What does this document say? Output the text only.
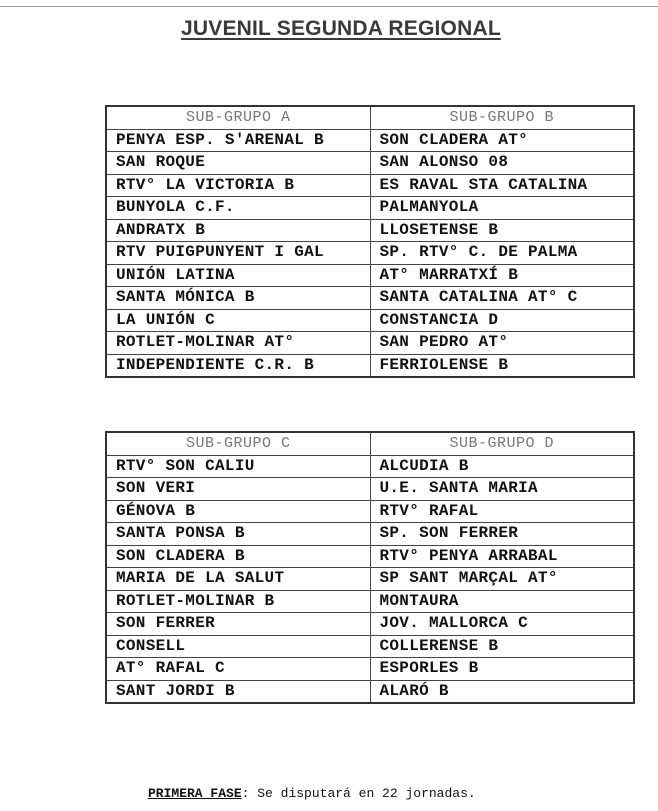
JUVENIL SEGUNDA REGIONAL
SUB-GRUPO A	SUB-GRUPO B
PENYA ESP. S'ARENAL B	SON CLADERA AT°
SAN ROQUE	SAN ALONSO 08
RTV° LA VICTORIA B	ES RAVAL STA CATALINA
BUNYOLA C.F.	PALMANYOLA
ANDRATX B	LLOSETENSE B
RTV PUIGPUNYENT I GAL	SP. RTV° C. DE PALMA
UNIÓN LATINA	AT° MARRATXÍ B
SANTA MÓNICA B	SANTA CATALINA AT° C
LA UNIÓN C	CONSTANCIA D
ROTLET-MOLINAR AT°	SAN PEDRO AT°
INDEPENDIENTE C.R. B	FERRIOLENSE B
SUB-GRUPO C	SUB-GRUPO D
RTV° SON CALIU	ALCUDIA B
SON VERI	U.E. SANTA MARIA
GÉNOVA B	RTV° RAFAL
SANTA PONSA B	SP. SON FERRER
SON CLADERA B	RTV° PENYA ARRABAL
MARIA DE LA SALUT	SP SANT MARÇAL AT°
ROTLET-MOLINAR B	MONTAURA
SON FERRER	JOV. MALLORCA C
CONSELL	COLLERENSE B
AT° RAFAL C	ESPORLES B
SANT JORDI B	ALARÓ B
PRIMERA FASE: Se disputará en 22 jornadas.
